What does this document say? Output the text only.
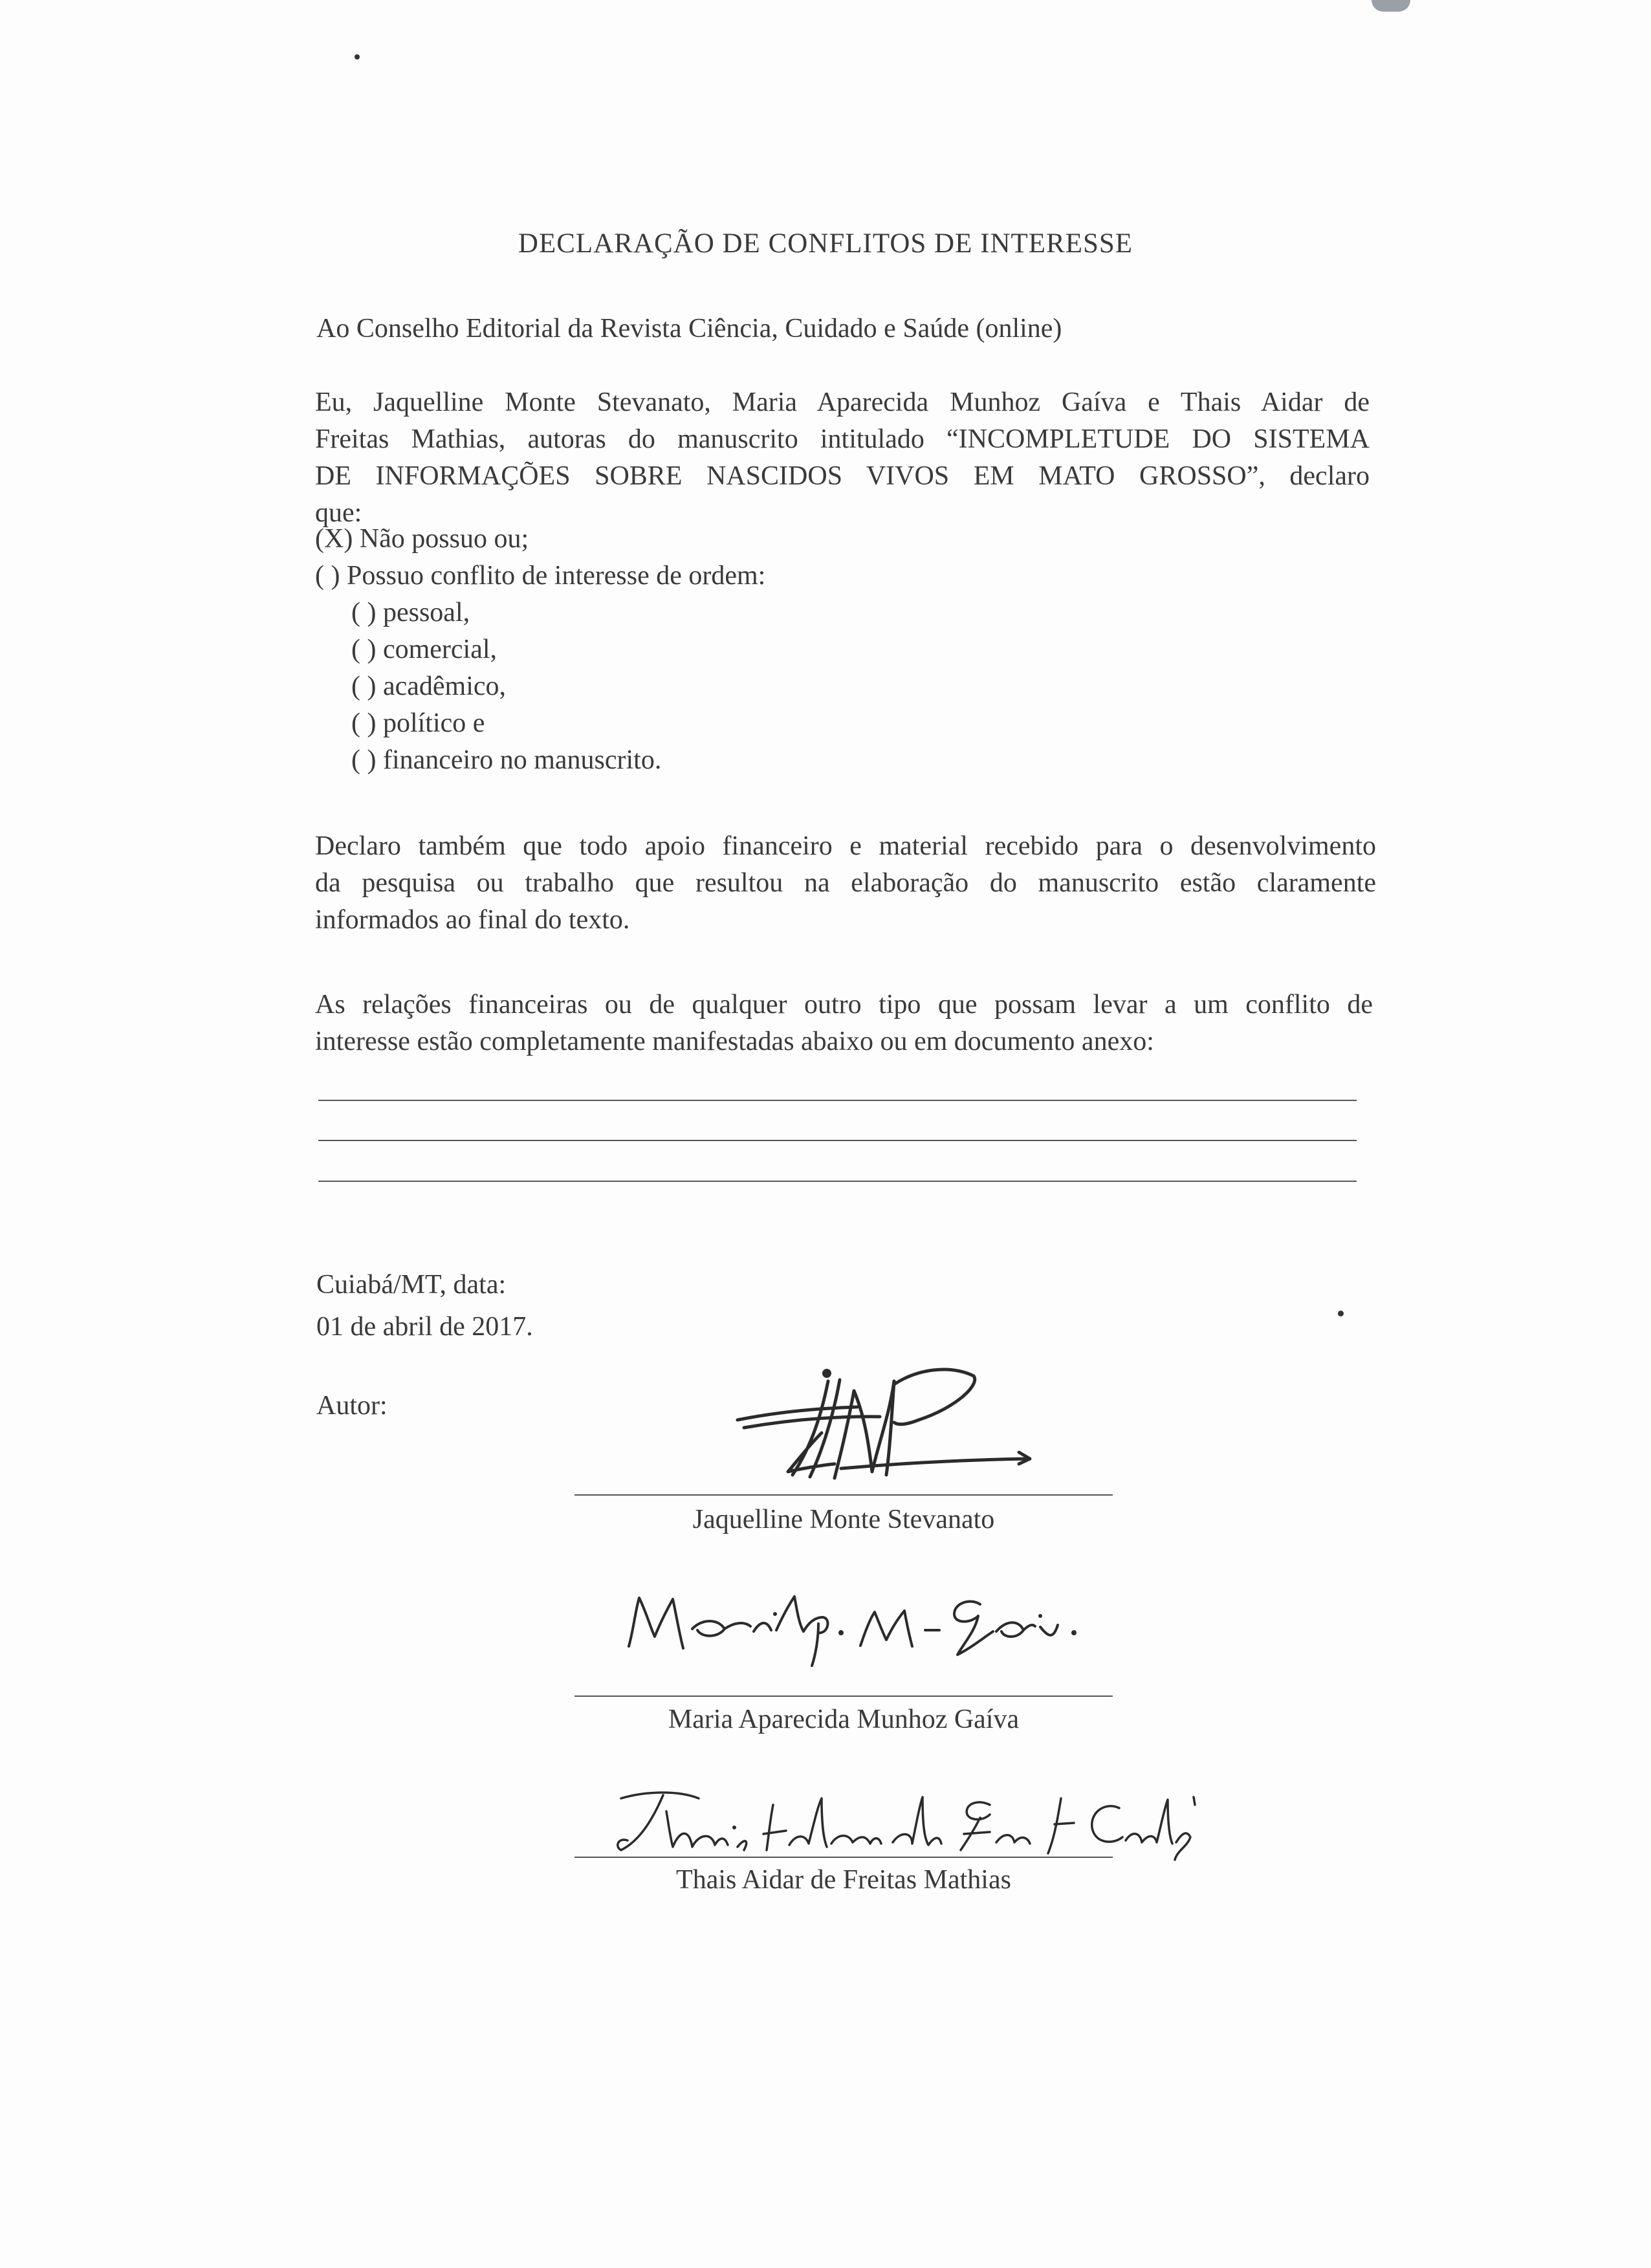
DECLARAÇÃO DE CONFLITOS DE INTERESSE
Ao Conselho Editorial da Revista Ciência, Cuidado e Saúde (online)
Eu, Jaquelline Monte Stevanato, Maria Aparecida Munhoz Gaíva e Thais Aidar de
Freitas Mathias, autoras do manuscrito intitulado “INCOMPLETUDE DO SISTEMA
DE INFORMAÇÕES SOBRE NASCIDOS VIVOS EM MATO GROSSO”, declaro
que:
(X) Não possuo ou;
( ) Possuo conflito de interesse de ordem:
( ) pessoal,
( ) comercial,
( ) acadêmico,
( ) político e
( ) financeiro no manuscrito.
Declaro também que todo apoio financeiro e material recebido para o desenvolvimento
da pesquisa ou trabalho que resultou na elaboração do manuscrito estão claramente
informados ao final do texto.
As relações financeiras ou de qualquer outro tipo que possam levar a um conflito de
interesse estão completamente manifestadas abaixo ou em documento anexo:
Cuiabá/MT, data:
01 de abril de 2017.
Autor:
Jaquelline Monte Stevanato
Maria Aparecida Munhoz Gaíva
Thais Aidar de Freitas Mathias
